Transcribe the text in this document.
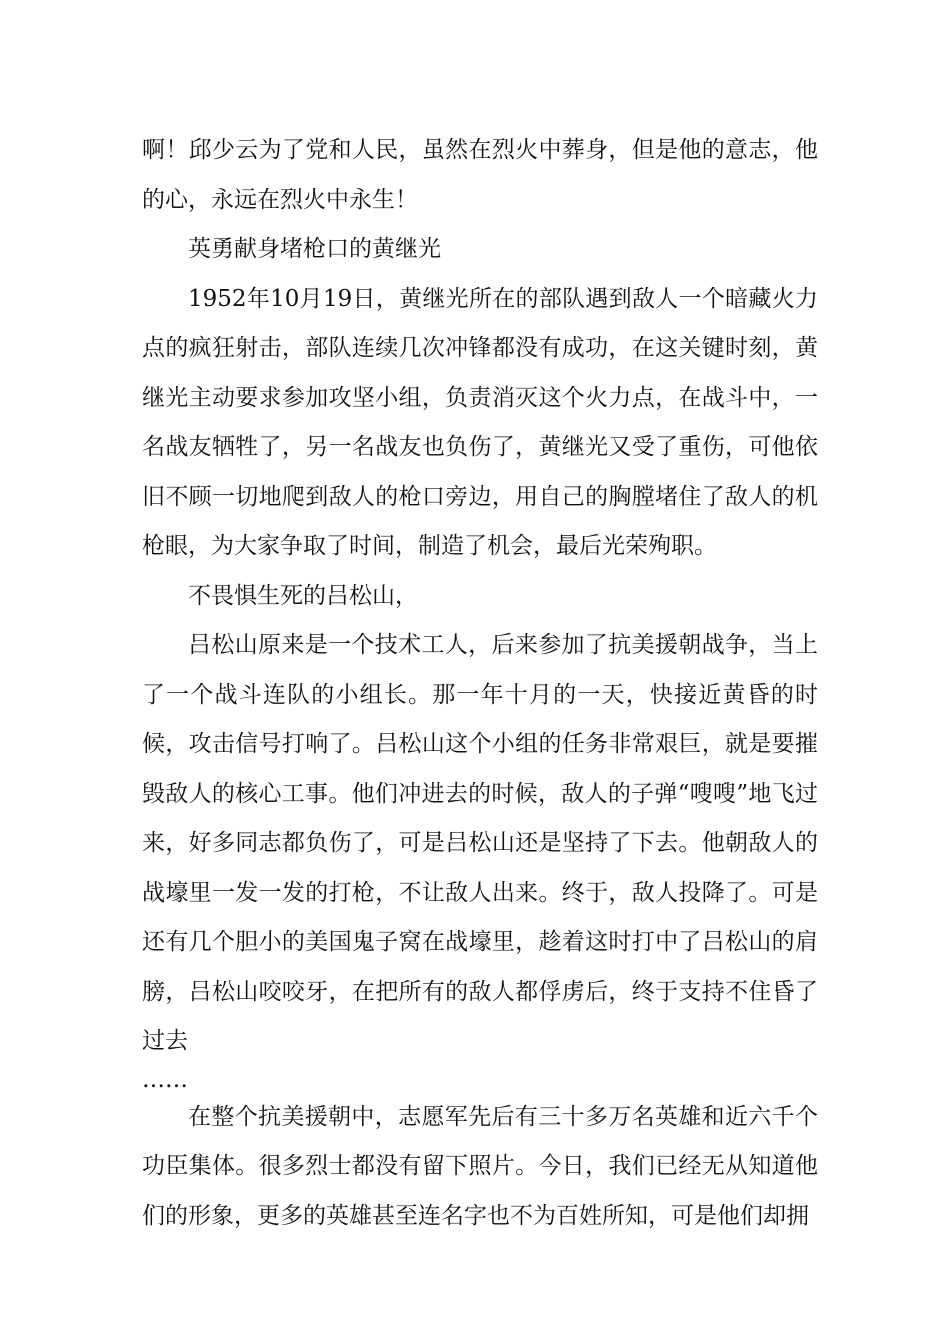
啊！邱少云为了党和人民，虽然在烈火中葬身，但是他的意志，他的心，永远在烈火中永生！

英勇献身堵枪口的黄继光

1952年10月19日，黄继光所在的部队遇到敌人一个暗藏火力点的疯狂射击，部队连续几次冲锋都没有成功，在这关键时刻，黄继光主动要求参加攻坚小组，负责消灭这个火力点，在战斗中，一名战友牺牲了，另一名战友也负伤了，黄继光又受了重伤，可他依旧不顾一切地爬到敌人的枪口旁边，用自己的胸膛堵住了敌人的机枪眼，为大家争取了时间，制造了机会，最后光荣殉职。

不畏惧生死的吕松山，

吕松山原来是一个技术工人，后来参加了抗美援朝战争，当上了一个战斗连队的小组长。那一年十月的一天，快接近黄昏的时候，攻击信号打响了。吕松山这个小组的任务非常艰巨，就是要摧毁敌人的核心工事。他们冲进去的时候，敌人的子弹“嗖嗖”地飞过来，好多同志都负伤了，可是吕松山还是坚持了下去。他朝敌人的战壕里一发一发的打枪，不让敌人出来。终于，敌人投降了。可是还有几个胆小的美国鬼子窝在战壕里，趁着这时打中了吕松山的肩膀，吕松山咬咬牙，在把所有的敌人都俘虏后，终于支持不住昏了过去

……

在整个抗美援朝中，志愿军先后有三十多万名英雄和近六千个功臣集体。很多烈士都没有留下照片。今日，我们已经无从知道他们的形象，更多的英雄甚至连名字也不为百姓所知，可是他们却拥
